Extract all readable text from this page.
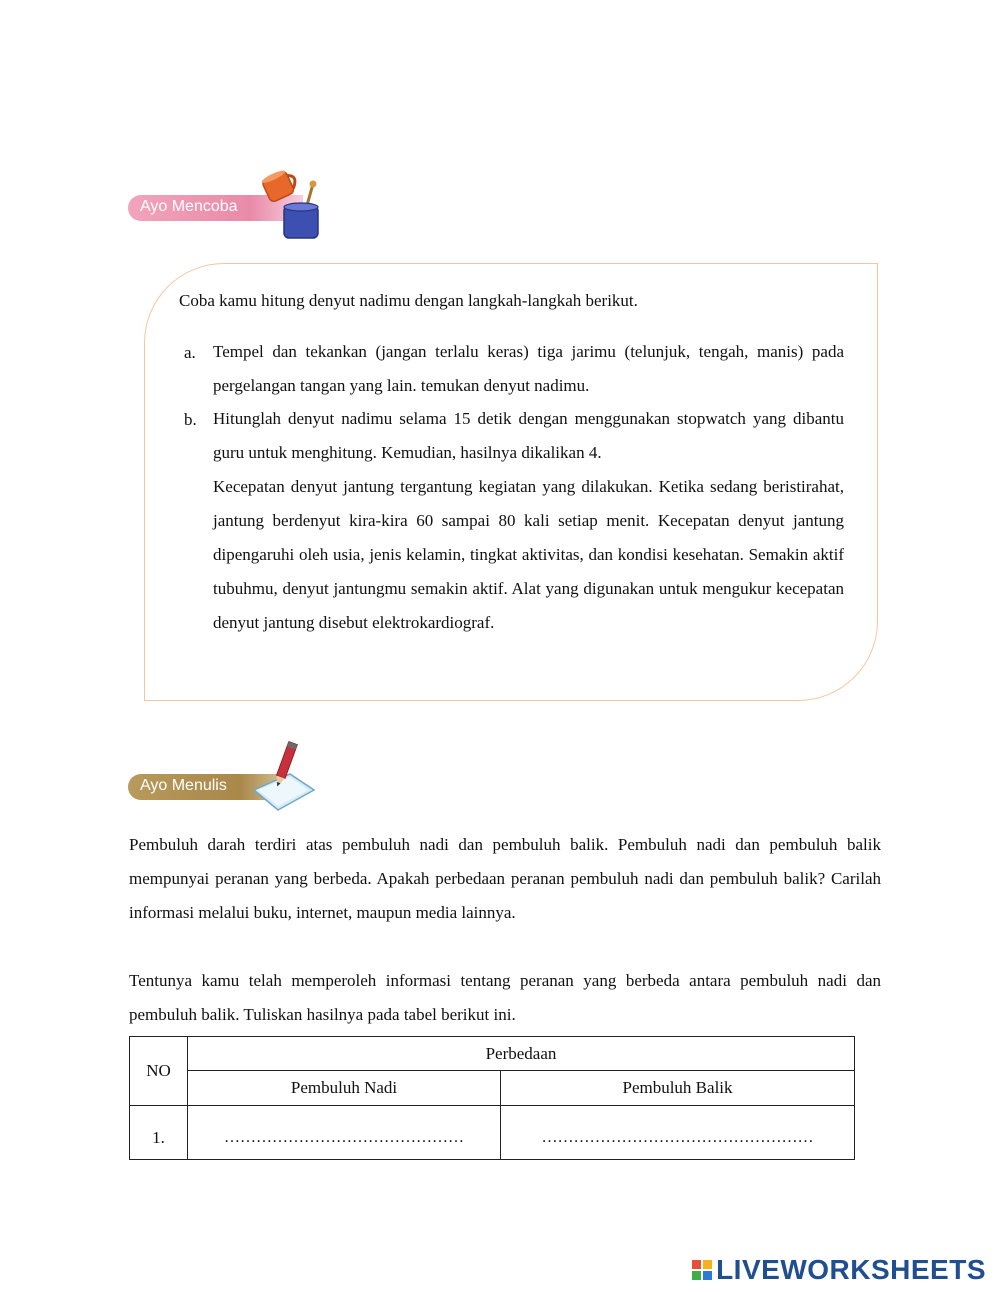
Ayo Mencoba
Coba kamu hitung denyut nadimu dengan langkah-langkah berikut.
a. Tempel dan tekankan (jangan terlalu keras) tiga jarimu (telunjuk, tengah, manis) pada pergelangan tangan yang lain. temukan denyut nadimu.
b. Hitunglah denyut nadimu selama 15 detik dengan menggunakan stopwatch yang dibantu guru untuk menghitung. Kemudian, hasilnya dikalikan 4.
Kecepatan denyut jantung tergantung kegiatan yang dilakukan. Ketika sedang beristirahat, jantung berdenyut kira-kira 60 sampai 80 kali setiap menit. Kecepatan denyut jantung dipengaruhi oleh usia, jenis kelamin, tingkat aktivitas, dan kondisi kesehatan. Semakin aktif tubuhmu, denyut jantungmu semakin aktif. Alat yang digunakan untuk mengukur kecepatan denyut jantung disebut elektrokardiograf.
Ayo Menulis
Pembuluh darah terdiri atas pembuluh nadi dan pembuluh balik. Pembuluh nadi dan pembuluh balik mempunyai peranan yang berbeda. Apakah perbedaan peranan pembuluh nadi dan pembuluh balik? Carilah informasi melalui buku, internet, maupun media lainnya.
Tentunya kamu telah memperoleh informasi tentang peranan yang berbeda antara pembuluh nadi dan pembuluh balik. Tuliskan hasilnya pada tabel berikut ini.
NO	Perbedaan	
	Pembuluh Nadi	Pembuluh Balik
1.	………………………………………	……………………………………………
LIVEWORKSHEETS
